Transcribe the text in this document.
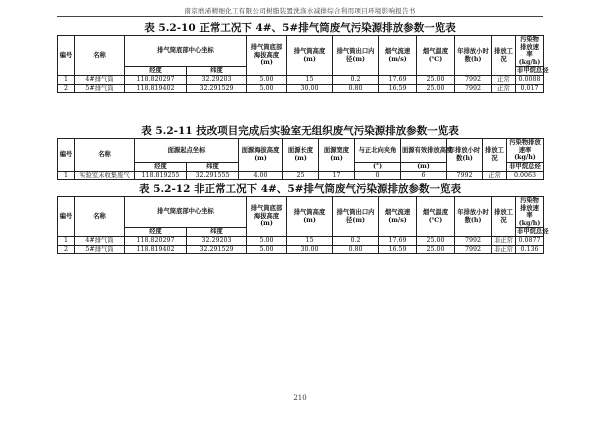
南京磨浠精细化工有限公司树脂装置洗涤水减排综合利用项目环境影响报告书
表 5.2-10 正常工况下 4#、5#排气筒废气污染源排放参数一览表
编号	名称	排气筒底部中心坐标		排气筒底部海拔高度(m)	排气筒高度(m)	排气筒出口内径(m)	烟气流速(m/s)	烟气温度(℃)	年排放小时数(h)	排放工况	污染物排放速率(kg/h)
		经度	纬度								非甲烷总烃
1	4#排气筒	118.820297	32.29203	5.00	15	0.2	17.69	25.00	7992	正常	0.0088
2	5#排气筒	118.819402	32.291529	5.00	30.00	0.80	16.59	25.00	7992	正常	0.017
表 5.2-11 技改项目完成后实验室无组织废气污染源排放参数一览表
编号	名称	面源起点坐标		面源海拔高度(m)	面源长度(m)	面源宽度(m)	与正北向夹角	面源有效排放高度	年排放小时数(h)	排放工况	污染物排放速率(kg/h)
		经度	纬度				(°)	(m)			非甲烷总烃
1	实验室未收集废气	118.819255	32.291555	4.00	25	17	0	6	7992	正常	0.0063
表 5.2-12 非正常工况下 4#、5#排气筒废气污染源排放参数一览表
编号	名称	排气筒底部中心坐标		排气筒底部海拔高度(m)	排气筒高度(m)	排气筒出口内径(m)	烟气流速(m/s)	烟气温度(℃)	年排放小时数(h)	排放工况	污染物排放速率(kg/h)
		经度	纬度								非甲烷总烃
1	4#排气筒	118.820297	32.29203	5.00	15	0.2	17.69	25.00	7992	非正常	0.0877
2	5#排气筒	118.819402	32.291529	5.00	30.00	0.80	16.59	25.00	7992	非正常	0.136
210
